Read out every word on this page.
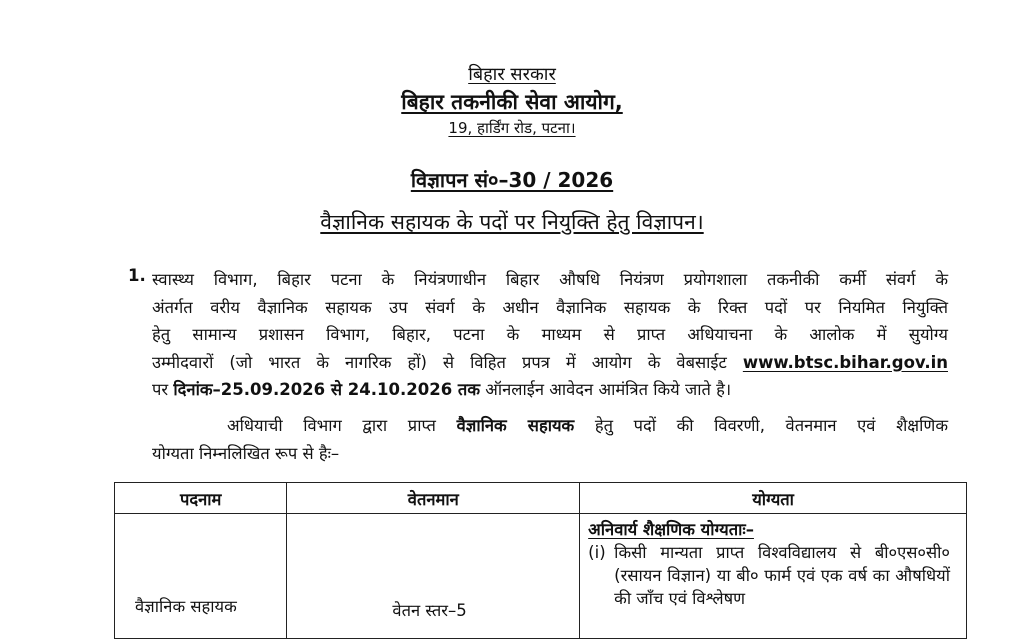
बिहार सरकार
बिहार तकनीकी सेवा आयोग,
19, हार्डिंग रोड, पटना।
विज्ञापन सं०–30 / 2026
वैज्ञानिक सहायक के पदों पर नियुक्ति हेतु विज्ञापन।
1. स्वास्थ्य विभाग, बिहार पटना के नियंत्रणाधीन बिहार औषधि नियंत्रण प्रयोगशाला तकनीकी कर्मी संवर्ग के
अंतर्गत वरीय वैज्ञानिक सहायक उप संवर्ग के अधीन वैज्ञानिक सहायक के रिक्त पदों पर नियमित नियुक्ति
हेतु सामान्य प्रशासन विभाग, बिहार, पटना के माध्यम से प्राप्त अधियाचना के आलोक में सुयोग्य
उम्मीदवारों (जो भारत के नागरिक हों) से विहित प्रपत्र में आयोग के वेबसाईट www.btsc.bihar.gov.in
पर दिनांक–25.09.2026 से 24.10.2026 तक ऑनलाईन आवेदन आमंत्रित किये जाते है।
अधियाची विभाग द्वारा प्राप्त वैज्ञानिक सहायक हेतु पदों की विवरणी, वेतनमान एवं शैक्षणिक
योग्यता निम्नलिखित रूप से हैः–
पदनाम	वेतनमान	योग्यता

वैज्ञानिक सहायक	वेतन स्तर–5	अनिवार्य शैक्षणिक योग्यताः–
(i) किसी मान्यता प्राप्त विश्वविद्यालय से बी०एस०सी० (रसायन विज्ञान) या बी० फार्म एवं एक वर्ष का औषधियों की जाँच एवं विश्लेषण
